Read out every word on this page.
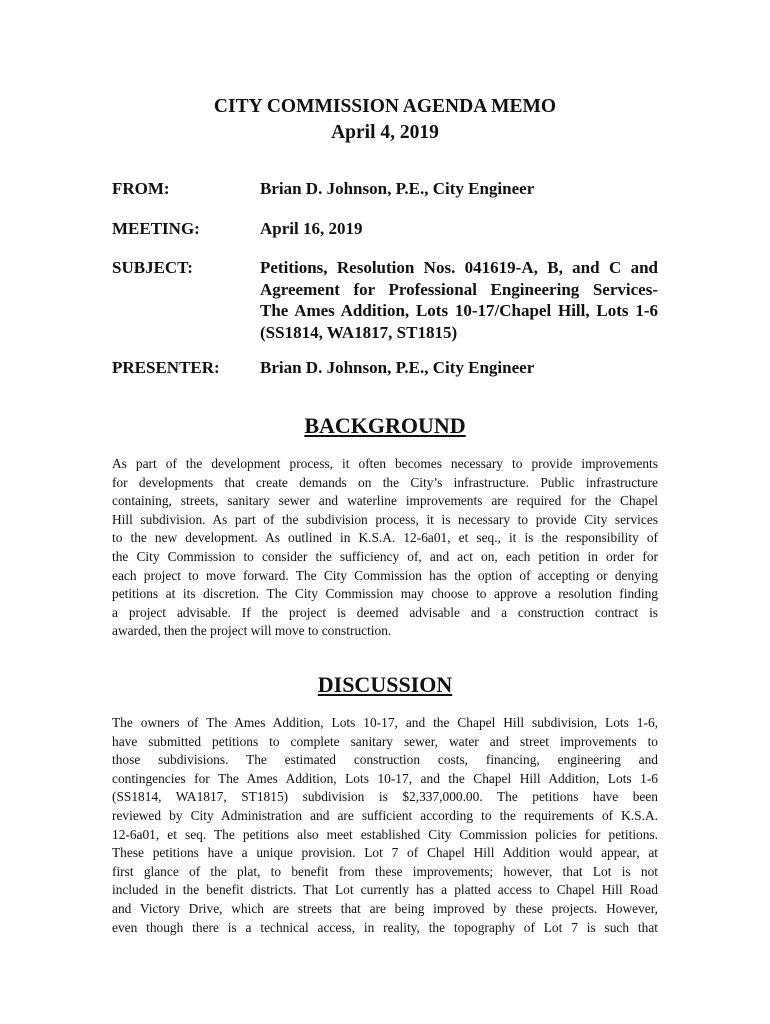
CITY COMMISSION AGENDA MEMO
April 4, 2019
FROM:	Brian D. Johnson, P.E., City Engineer
MEETING:	April 16, 2019
SUBJECT:	Petitions, Resolution Nos. 041619-A, B, and C and
Agreement for Professional Engineering Services-
The Ames Addition, Lots 10-17/Chapel Hill, Lots 1-6
(SS1814, WA1817, ST1815)
PRESENTER:	Brian D. Johnson, P.E., City Engineer
BACKGROUND
As part of the development process, it often becomes necessary to provide improvements
for developments that create demands on the City’s infrastructure. Public infrastructure
containing, streets, sanitary sewer and waterline improvements are required for the Chapel
Hill subdivision. As part of the subdivision process, it is necessary to provide City services
to the new development. As outlined in K.S.A. 12-6a01, et seq., it is the responsibility of
the City Commission to consider the sufficiency of, and act on, each petition in order for
each project to move forward. The City Commission has the option of accepting or denying
petitions at its discretion. The City Commission may choose to approve a resolution finding
a project advisable. If the project is deemed advisable and a construction contract is
awarded, then the project will move to construction.
DISCUSSION
The owners of The Ames Addition, Lots 10-17, and the Chapel Hill subdivision, Lots 1-6,
have submitted petitions to complete sanitary sewer, water and street improvements to
those subdivisions. The estimated construction costs, financing, engineering and
contingencies for The Ames Addition, Lots 10-17, and the Chapel Hill Addition, Lots 1-6
(SS1814, WA1817, ST1815) subdivision is $2,337,000.00. The petitions have been
reviewed by City Administration and are sufficient according to the requirements of K.S.A.
12-6a01, et seq. The petitions also meet established City Commission policies for petitions.
These petitions have a unique provision. Lot 7 of Chapel Hill Addition would appear, at
first glance of the plat, to benefit from these improvements; however, that Lot is not
included in the benefit districts. That Lot currently has a platted access to Chapel Hill Road
and Victory Drive, which are streets that are being improved by these projects. However,
even though there is a technical access, in reality, the topography of Lot 7 is such that
